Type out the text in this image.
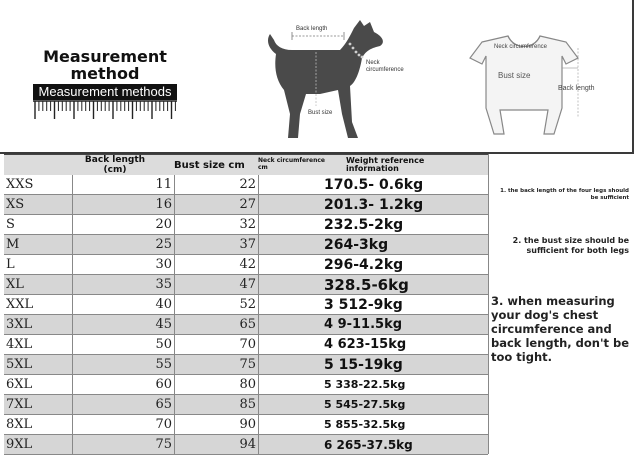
Measurement method
Measurement methods
Back length
Neck circumference
Bust size
Neck circumference
Bust size
Back length
Back length (cm)	Bust size cm Neck circumference cm
Weight reference information
XXS	11	22	170.5- 0.6kg
XS	16	27	201.3- 1.2kg
S	20	32	232.5-2kg
M	25	37	264-3kg
L	30	42	296-4.2kg
XL	35	47	328.5-6kg
XXL	40	52	3 512-9kg
3XL	45	65	4 9-11.5kg
4XL	50	70	4 623-15kg
5XL	55	75	5 15-19kg
6XL	60	80	5 338-22.5kg
7XL	65	85	5 545-27.5kg
8XL	70	90	5 855-32.5kg
9XL	75	94	6 265-37.5kg
1. the back length of the four legs should be sufficient
2. the bust size should be sufficient for both legs
3. when measuring your dog's chest circumference and back length, don't be too tight.
